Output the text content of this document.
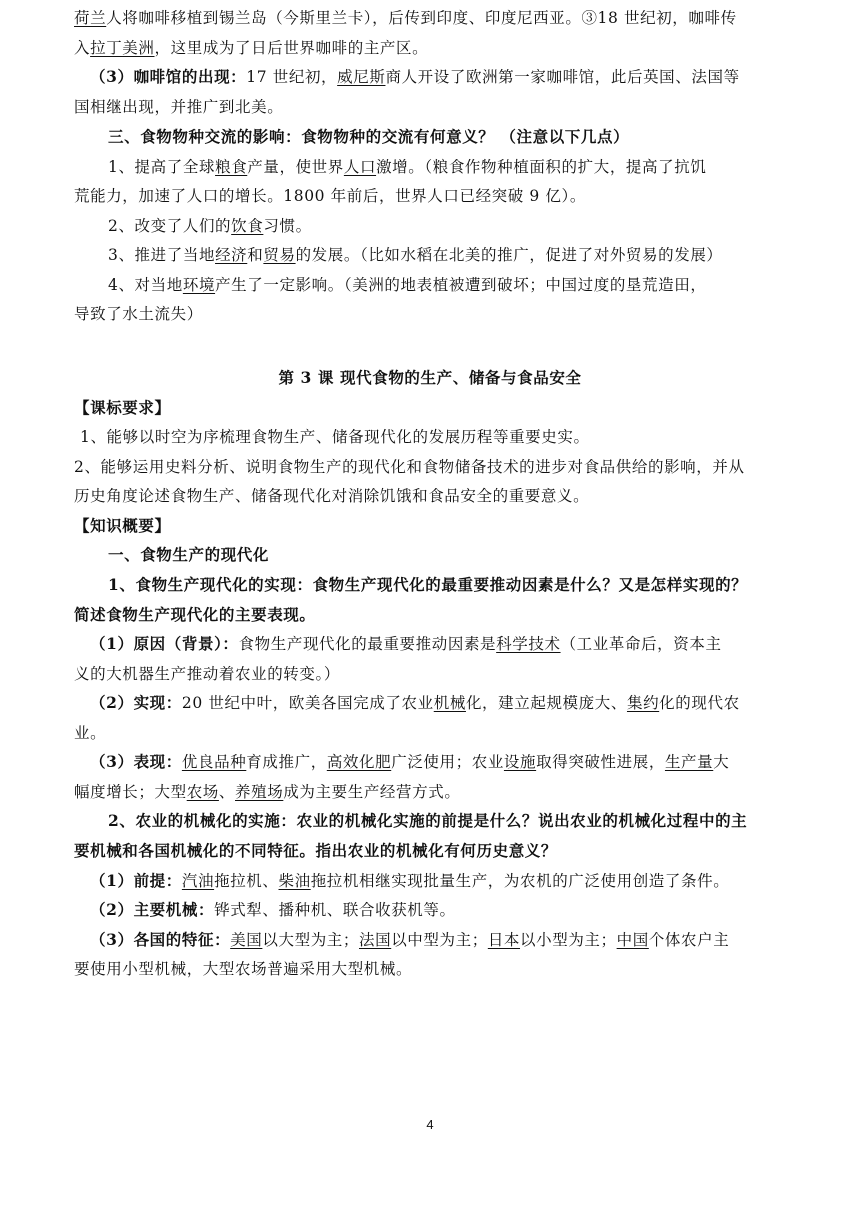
荷兰人将咖啡移植到锡兰岛（今斯里兰卡），后传到印度、印度尼西亚。③18 世纪初，咖啡传
入拉丁美洲，这里成为了日后世界咖啡的主产区。
（3）咖啡馆的出现：17 世纪初，威尼斯商人开设了欧洲第一家咖啡馆，此后英国、法国等
国相继出现，并推广到北美。
三、食物物种交流的影响：食物物种的交流有何意义？ （注意以下几点）
1、提高了全球粮食产量，使世界人口激增。（粮食作物种植面积的扩大，提高了抗饥
荒能力，加速了人口的增长。1800 年前后，世界人口已经突破 9 亿）。
2、改变了人们的饮食习惯。
3、推进了当地经济和贸易的发展。（比如水稻在北美的推广，促进了对外贸易的发展）
4、对当地环境产生了一定影响。（美洲的地表植被遭到破坏；中国过度的垦荒造田，
导致了水土流失）
第 3 课 现代食物的生产、储备与食品安全
【课标要求】
1、能够以时空为序梳理食物生产、储备现代化的发展历程等重要史实。
2、能够运用史料分析、说明食物生产的现代化和食物储备技术的进步对食品供给的影响，并从
历史角度论述食物生产、储备现代化对消除饥饿和食品安全的重要意义。
【知识概要】
一、食物生产的现代化
1、食物生产现代化的实现：食物生产现代化的最重要推动因素是什么？又是怎样实现的？
简述食物生产现代化的主要表现。
（1）原因（背景）：食物生产现代化的最重要推动因素是科学技术（工业革命后，资本主
义的大机器生产推动着农业的转变。）
（2）实现：20 世纪中叶，欧美各国完成了农业机械化，建立起规模庞大、集约化的现代农
业。
（3）表现：优良品种育成推广，高效化肥广泛使用；农业设施取得突破性进展，生产量大
幅度增长；大型农场、养殖场成为主要生产经营方式。
2、农业的机械化的实施：农业的机械化实施的前提是什么？说出农业的机械化过程中的主
要机械和各国机械化的不同特征。指出农业的机械化有何历史意义？
（1）前提：汽油拖拉机、柴油拖拉机相继实现批量生产，为农机的广泛使用创造了条件。
（2）主要机械：铧式犁、播种机、联合收获机等。
（3）各国的特征：美国以大型为主；法国以中型为主；日本以小型为主；中国个体农户主
要使用小型机械，大型农场普遍采用大型机械。
4
